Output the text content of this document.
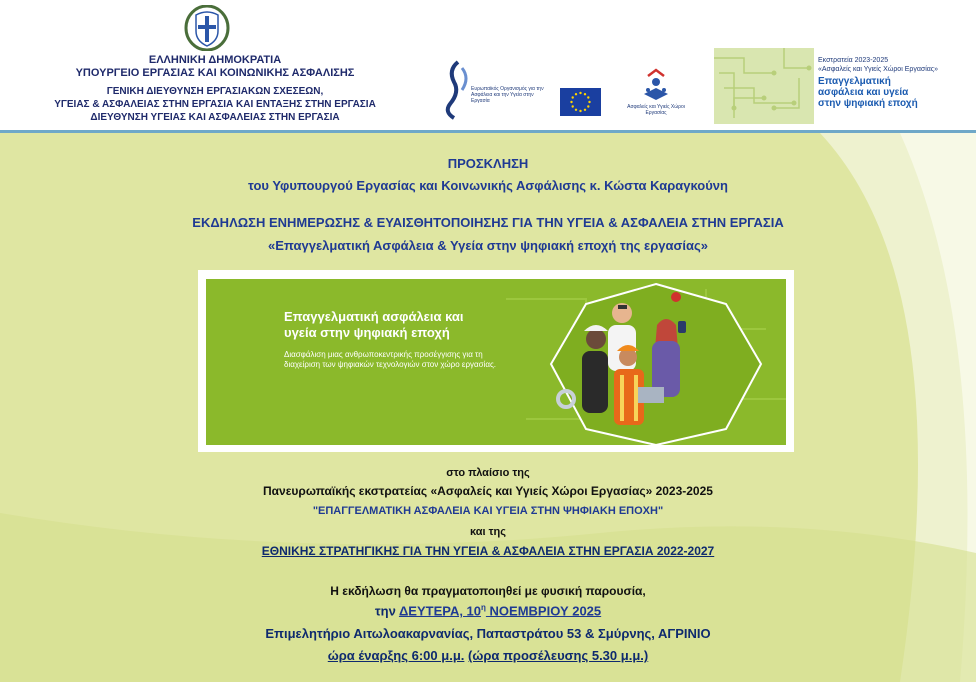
ΕΛΛΗΝΙΚΗ ΔΗΜΟΚΡΑΤΙΑ
ΥΠΟΥΡΓΕΙΟ ΕΡΓΑΣΙΑΣ ΚΑΙ ΚΟΙΝΩΝΙΚΗΣ ΑΣΦΑΛΙΣΗΣ
ΓΕΝΙΚΗ ΔΙΕΥΘΥΝΣΗ ΕΡΓΑΣΙΑΚΩΝ ΣΧΕΣΕΩΝ,
ΥΓΕΙΑΣ & ΑΣΦΑΛΕΙΑΣ ΣΤΗΝ ΕΡΓΑΣΙΑ ΚΑΙ ΕΝΤΑΞΗΣ ΣΤΗΝ ΕΡΓΑΣΙΑ
ΔΙΕΥΘΥΝΣΗ ΥΓΕΙΑΣ ΚΑΙ ΑΣΦΑΛΕΙΑΣ ΣΤΗΝ ΕΡΓΑΣΙΑ
Ευρωπαϊκός Οργανισμός για την Ασφάλεια και την Υγεία στην Εργασία
Ασφαλείς και Υγιείς Χώροι Εργασίας
Εκστρατεία 2023-2025
«Ασφαλείς και Υγιείς Χώροι Εργασίας»
Επαγγελματική ασφάλεια και υγεία στην ψηφιακή εποχή
ΠΡΟΣΚΛΗΣΗ
του Υφυπουργού Εργασίας και Κοινωνικής Ασφάλισης κ. Κώστα Καραγκούνη
ΕΚΔΗΛΩΣΗ ΕΝΗΜΕΡΩΣΗΣ & ΕΥΑΙΣΘΗΤΟΠΟΙΗΣΗΣ ΓΙΑ ΤΗΝ ΥΓΕΙΑ & ΑΣΦΑΛΕΙΑ ΣΤΗΝ ΕΡΓΑΣΙΑ
«Επαγγελματική Ασφάλεια & Υγεία στην ψηφιακή εποχή της εργασίας»
Επαγγελματική ασφάλεια και υγεία στην ψηφιακή εποχή
Διασφάλιση μιας ανθρωποκεντρικής προσέγγισης για τη διαχείριση των ψηφιακών τεχνολογιών στον χώρο εργασίας.
στο πλαίσιο της
Πανευρωπαϊκής εκστρατείας «Ασφαλείς και Υγιείς Χώροι Εργασίας» 2023-2025
"ΕΠΑΓΓΕΛΜΑΤΙΚΗ ΑΣΦΑΛΕΙΑ ΚΑΙ ΥΓΕΙΑ ΣΤΗΝ ΨΗΦΙΑΚΗ ΕΠΟΧΗ"
και της
ΕΘΝΙΚΗΣ ΣΤΡΑΤΗΓΙΚΗΣ ΓΙΑ ΤΗΝ ΥΓΕΙΑ & ΑΣΦΑΛΕΙΑ ΣΤΗΝ ΕΡΓΑΣΙΑ 2022-2027
Η εκδήλωση θα πραγματοποιηθεί με φυσική παρουσία,
την ΔΕΥΤΕΡΑ, $10^\eta$ ΝΟΕΜΒΡΙΟΥ 2025
Επιμελητήριο Αιτωλοακαρνανίας, Παπαστράτου 53 & Σμύρνης, ΑΓΡΙΝΙΟ
ώρα έναρξης 6:00 μ.μ. (ώρα προσέλευσης 5.30 μ.μ.)
